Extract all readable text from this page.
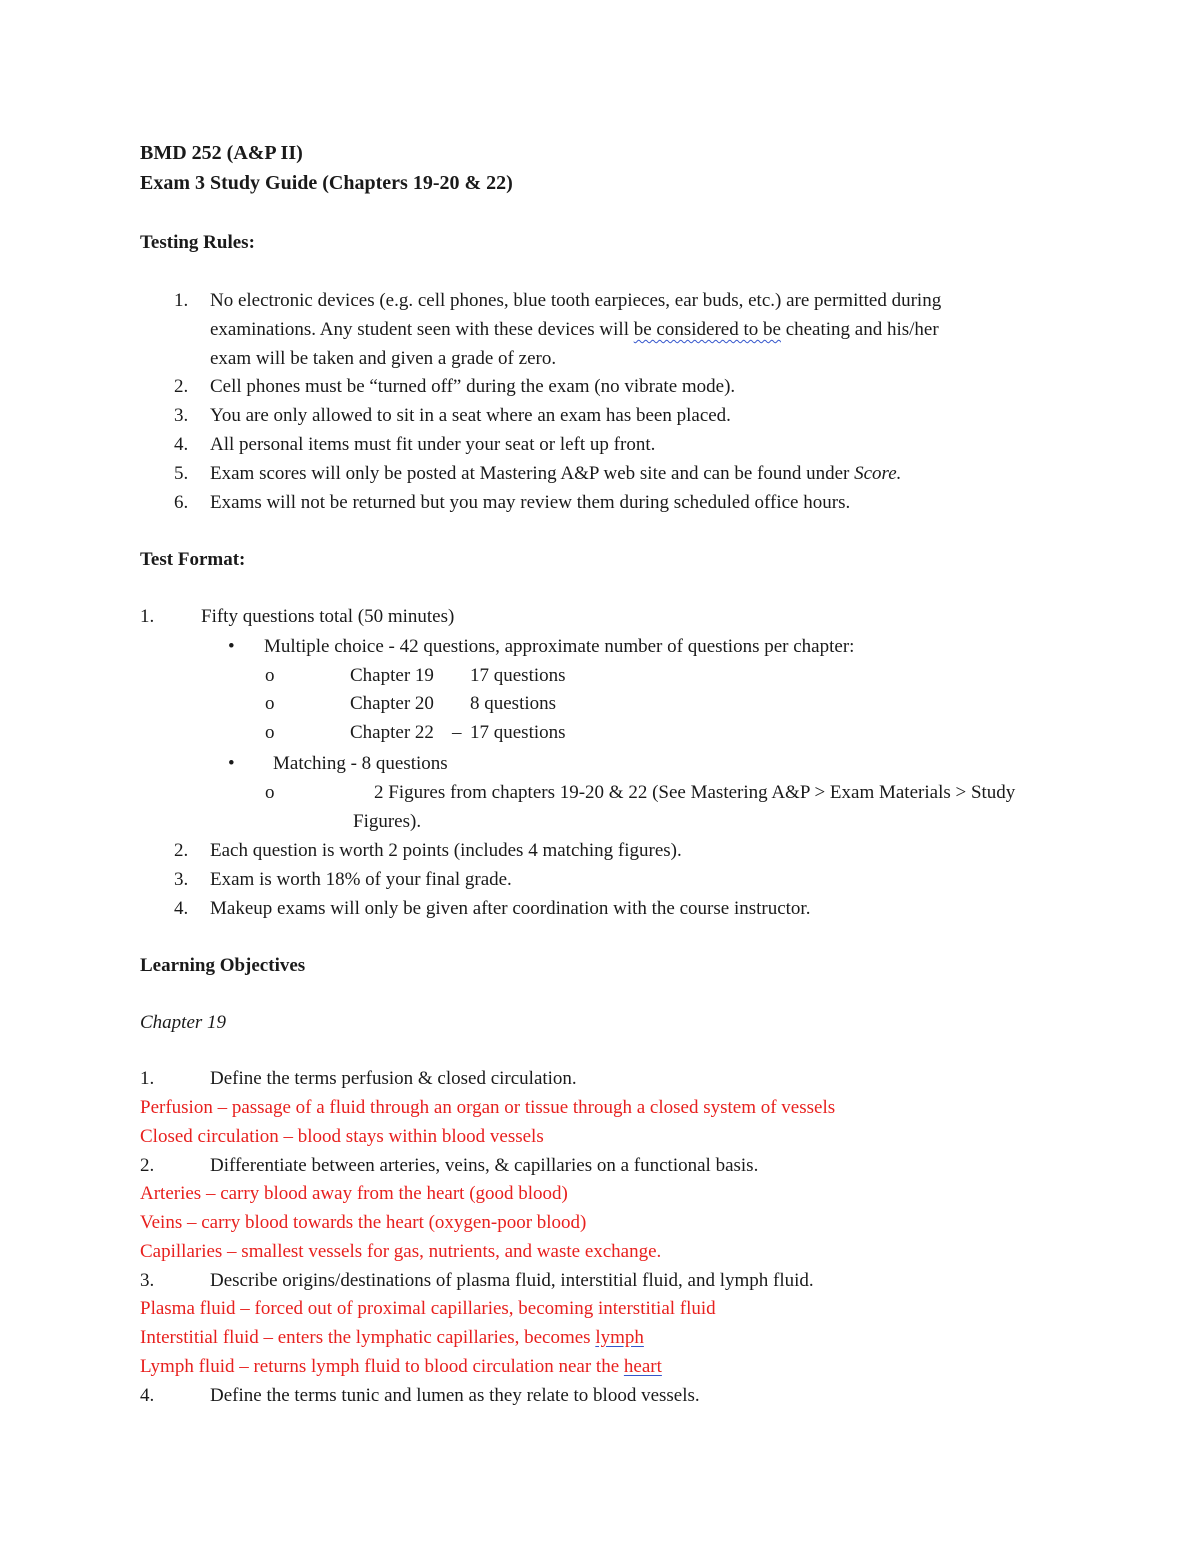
BMD 252 (A&P II)
Exam 3 Study Guide (Chapters 19-20 & 22)
Testing Rules:
1. No electronic devices (e.g. cell phones, blue tooth earpieces, ear buds, etc.) are permitted during
examinations. Any student seen with these devices will be considered to be cheating and his/her
exam will be taken and given a grade of zero.
2. Cell phones must be “turned off” during the exam (no vibrate mode).
3. You are only allowed to sit in a seat where an exam has been placed.
4. All personal items must fit under your seat or left up front.
5. Exam scores will only be posted at Mastering A&P web site and can be found under Score.
6. Exams will not be returned but you may review them during scheduled office hours.
Test Format:
1. Fifty questions total (50 minutes)
• Multiple choice - 42 questions, approximate number of questions per chapter:
o	Chapter 19 17 questions
o	Chapter 20 8 questions
o	Chapter 22 – 17 questions
• Matching - 8 questions
o	2 Figures from chapters 19-20 & 22 (See Mastering A&P > Exam Materials > Study
Figures).
2. Each question is worth 2 points (includes 4 matching figures).
3. Exam is worth 18% of your final grade.
4. Makeup exams will only be given after coordination with the course instructor.
Learning Objectives
Chapter 19
1.	Define the terms perfusion & closed circulation.
Perfusion – passage of a fluid through an organ or tissue through a closed system of vessels
Closed circulation – blood stays within blood vessels
2.	Differentiate between arteries, veins, & capillaries on a functional basis.
Arteries – carry blood away from the heart (good blood)
Veins – carry blood towards the heart (oxygen-poor blood)
Capillaries – smallest vessels for gas, nutrients, and waste exchange.
3.	Describe origins/destinations of plasma fluid, interstitial fluid, and lymph fluid.
Plasma fluid – forced out of proximal capillaries, becoming interstitial fluid
Interstitial fluid – enters the lymphatic capillaries, becomes lymph
Lymph fluid – returns lymph fluid to blood circulation near the heart
4.	Define the terms tunic and lumen as they relate to blood vessels.
